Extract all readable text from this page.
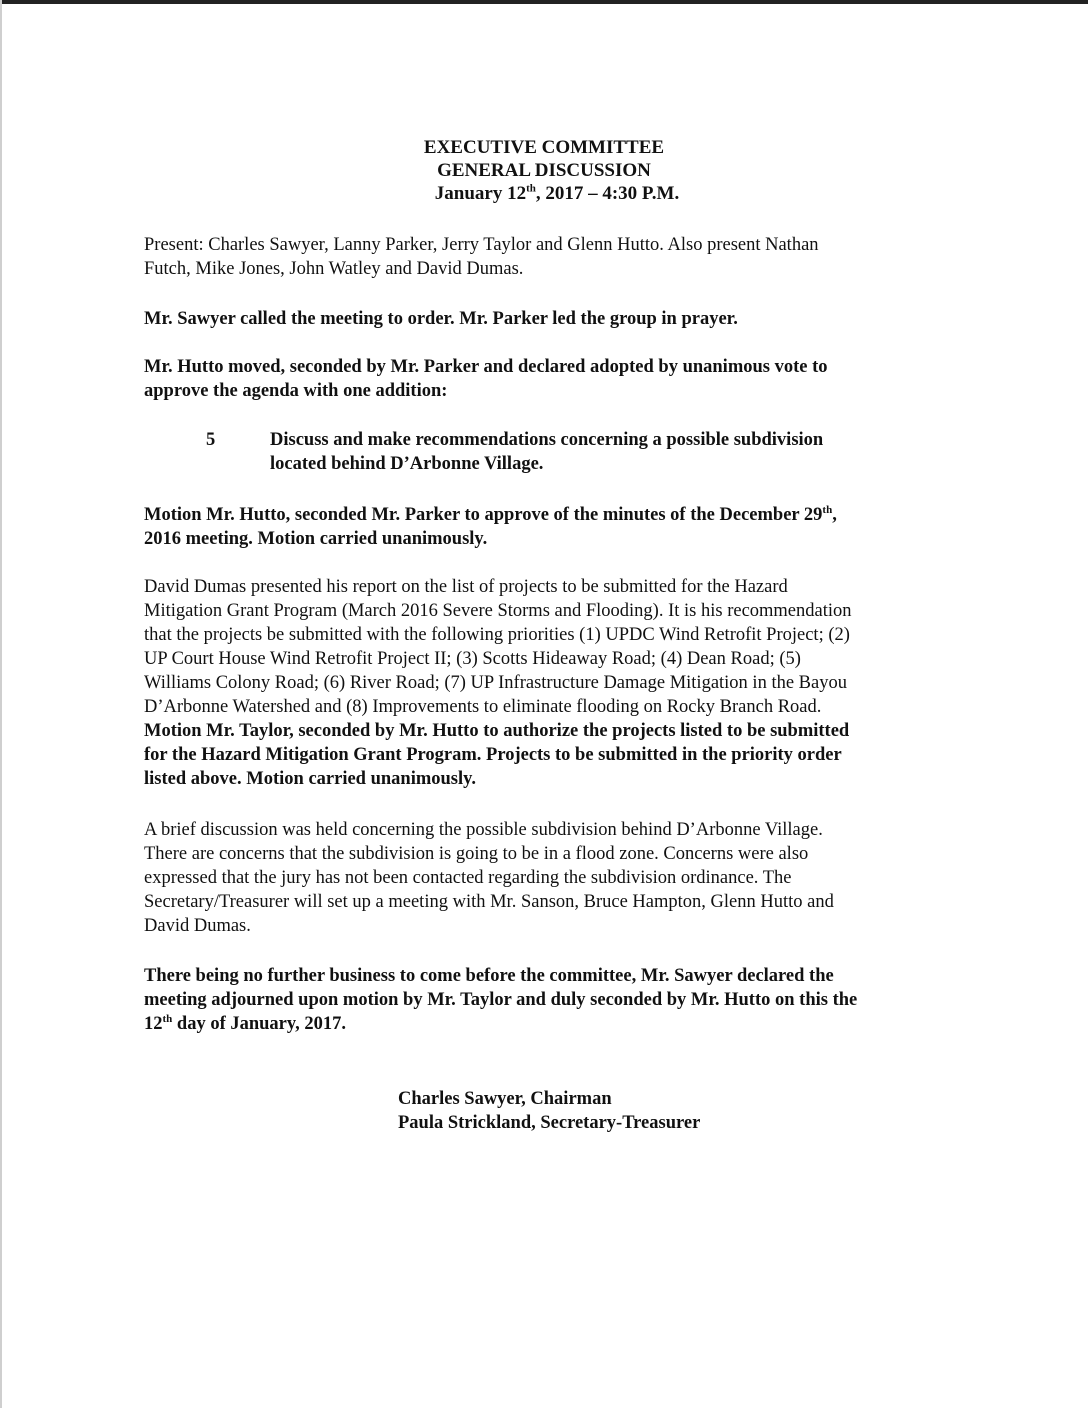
EXECUTIVE COMMITTEE
GENERAL DISCUSSION
January 12th, 2017 – 4:30 P.M.
Present: Charles Sawyer, Lanny Parker, Jerry Taylor and Glenn Hutto. Also present Nathan
Futch, Mike Jones, John Watley and David Dumas.
Mr. Sawyer called the meeting to order. Mr. Parker led the group in prayer.
Mr. Hutto moved, seconded by Mr. Parker and declared adopted by unanimous vote to
approve the agenda with one addition:
5	Discuss and make recommendations concerning a possible subdivision
located behind D’Arbonne Village.
Motion Mr. Hutto, seconded Mr. Parker to approve of the minutes of the December 29th,
2016 meeting. Motion carried unanimously.
David Dumas presented his report on the list of projects to be submitted for the Hazard
Mitigation Grant Program (March 2016 Severe Storms and Flooding). It is his recommendation
that the projects be submitted with the following priorities (1) UPDC Wind Retrofit Project; (2)
UP Court House Wind Retrofit Project II; (3) Scotts Hideaway Road; (4) Dean Road; (5)
Williams Colony Road; (6) River Road; (7) UP Infrastructure Damage Mitigation in the Bayou
D’Arbonne Watershed and (8) Improvements to eliminate flooding on Rocky Branch Road.
Motion Mr. Taylor, seconded by Mr. Hutto to authorize the projects listed to be submitted
for the Hazard Mitigation Grant Program. Projects to be submitted in the priority order
listed above. Motion carried unanimously.
A brief discussion was held concerning the possible subdivision behind D’Arbonne Village.
There are concerns that the subdivision is going to be in a flood zone. Concerns were also
expressed that the jury has not been contacted regarding the subdivision ordinance. The
Secretary/Treasurer will set up a meeting with Mr. Sanson, Bruce Hampton, Glenn Hutto and
David Dumas.
There being no further business to come before the committee, Mr. Sawyer declared the
meeting adjourned upon motion by Mr. Taylor and duly seconded by Mr. Hutto on this the
12th day of January, 2017.
Charles Sawyer, Chairman
Paula Strickland, Secretary-Treasurer
